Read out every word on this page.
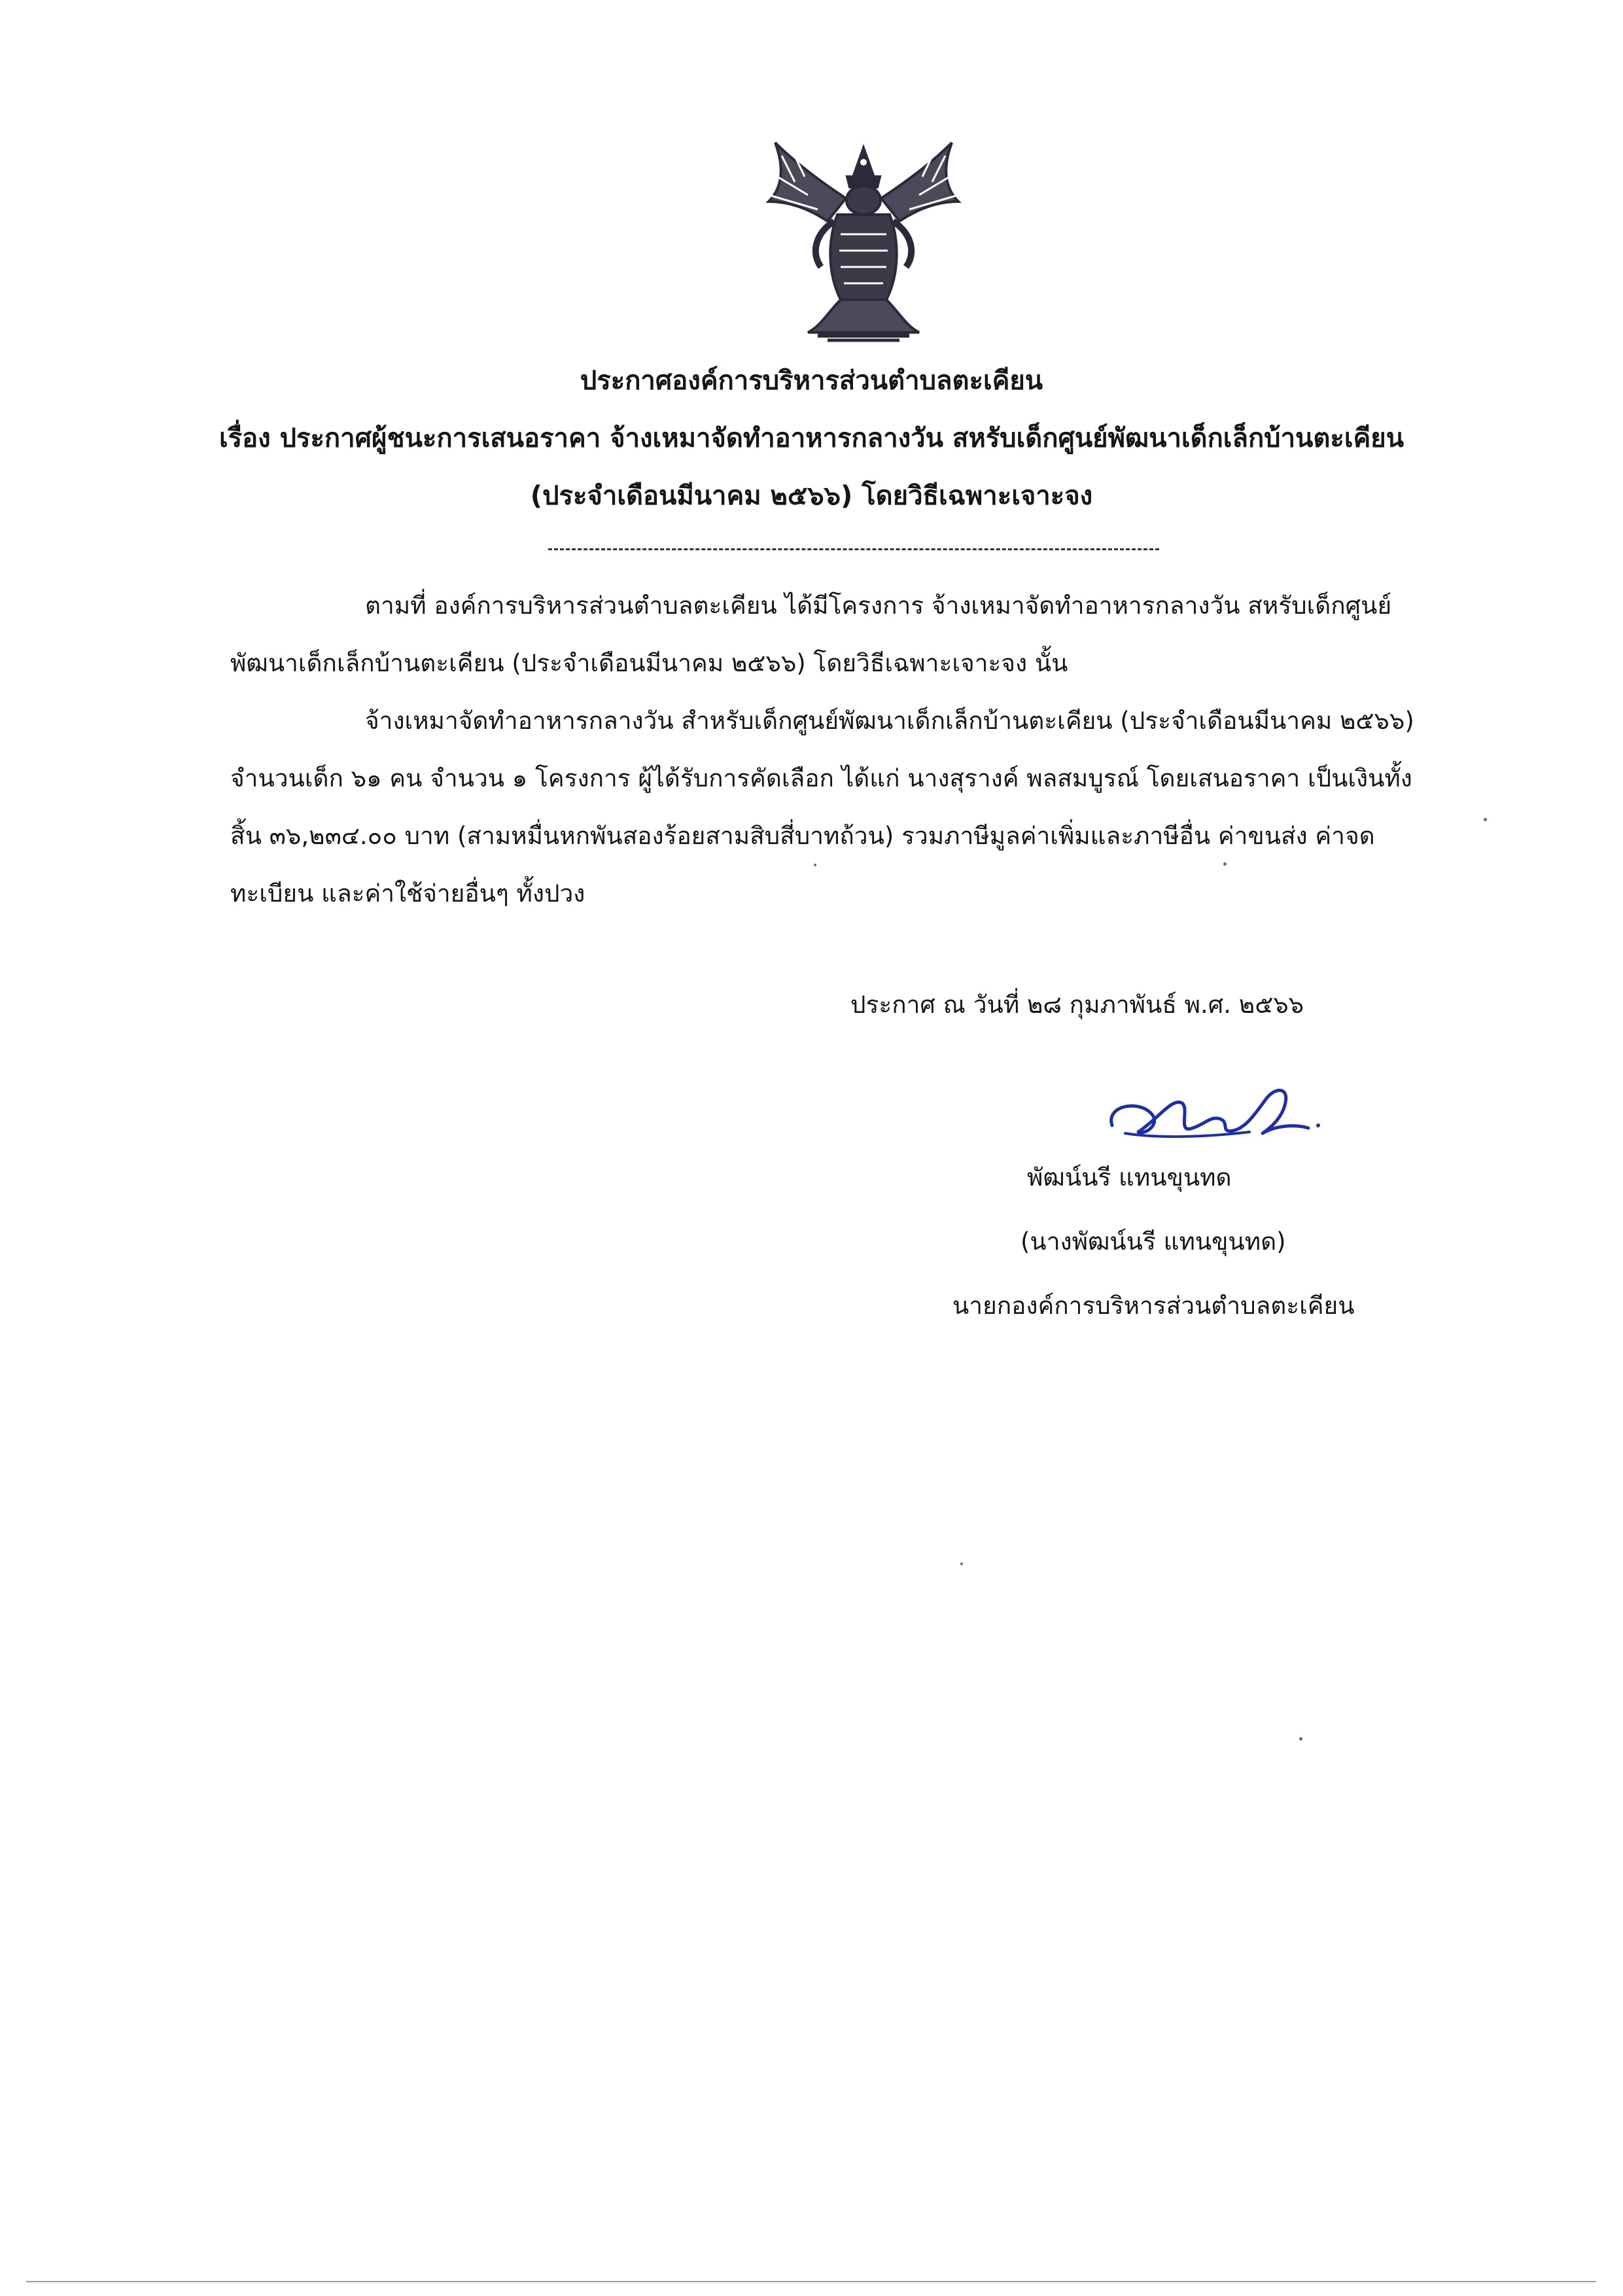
ประกาศองค์การบริหารส่วนตำบลตะเคียน
เรื่อง ประกาศผู้ชนะการเสนอราคา จ้างเหมาจัดทำอาหารกลางวัน สหรับเด็กศูนย์พัฒนาเด็กเล็กบ้านตะเคียน
(ประจำเดือนมีนาคม ๒๕๖๖) โดยวิธีเฉพาะเจาะจง
ตามที่ องค์การบริหารส่วนตำบลตะเคียน ได้มีโครงการ จ้างเหมาจัดทำอาหารกลางวัน สหรับเด็กศูนย์
พัฒนาเด็กเล็กบ้านตะเคียน (ประจำเดือนมีนาคม ๒๕๖๖) โดยวิธีเฉพาะเจาะจง นั้น
จ้างเหมาจัดทำอาหารกลางวัน สำหรับเด็กศูนย์พัฒนาเด็กเล็กบ้านตะเคียน (ประจำเดือนมีนาคม ๒๕๖๖)
จำนวนเด็ก ๖๑ คน จำนวน ๑ โครงการ ผู้ได้รับการคัดเลือก ได้แก่ นางสุรางค์ พลสมบูรณ์ โดยเสนอราคา เป็นเงินทั้ง
สิ้น ๓๖,๒๓๔.๐๐ บาท (สามหมื่นหกพันสองร้อยสามสิบสี่บาทถ้วน) รวมภาษีมูลค่าเพิ่มและภาษีอื่น ค่าขนส่ง ค่าจด
ทะเบียน และค่าใช้จ่ายอื่นๆ ทั้งปวง
ประกาศ ณ วันที่ ๒๘ กุมภาพันธ์ พ.ศ. ๒๕๖๖
พัฒน์นรี แทนขุนทด
(นางพัฒน์นรี แทนขุนทด)
นายกองค์การบริหารส่วนตำบลตะเคียน
